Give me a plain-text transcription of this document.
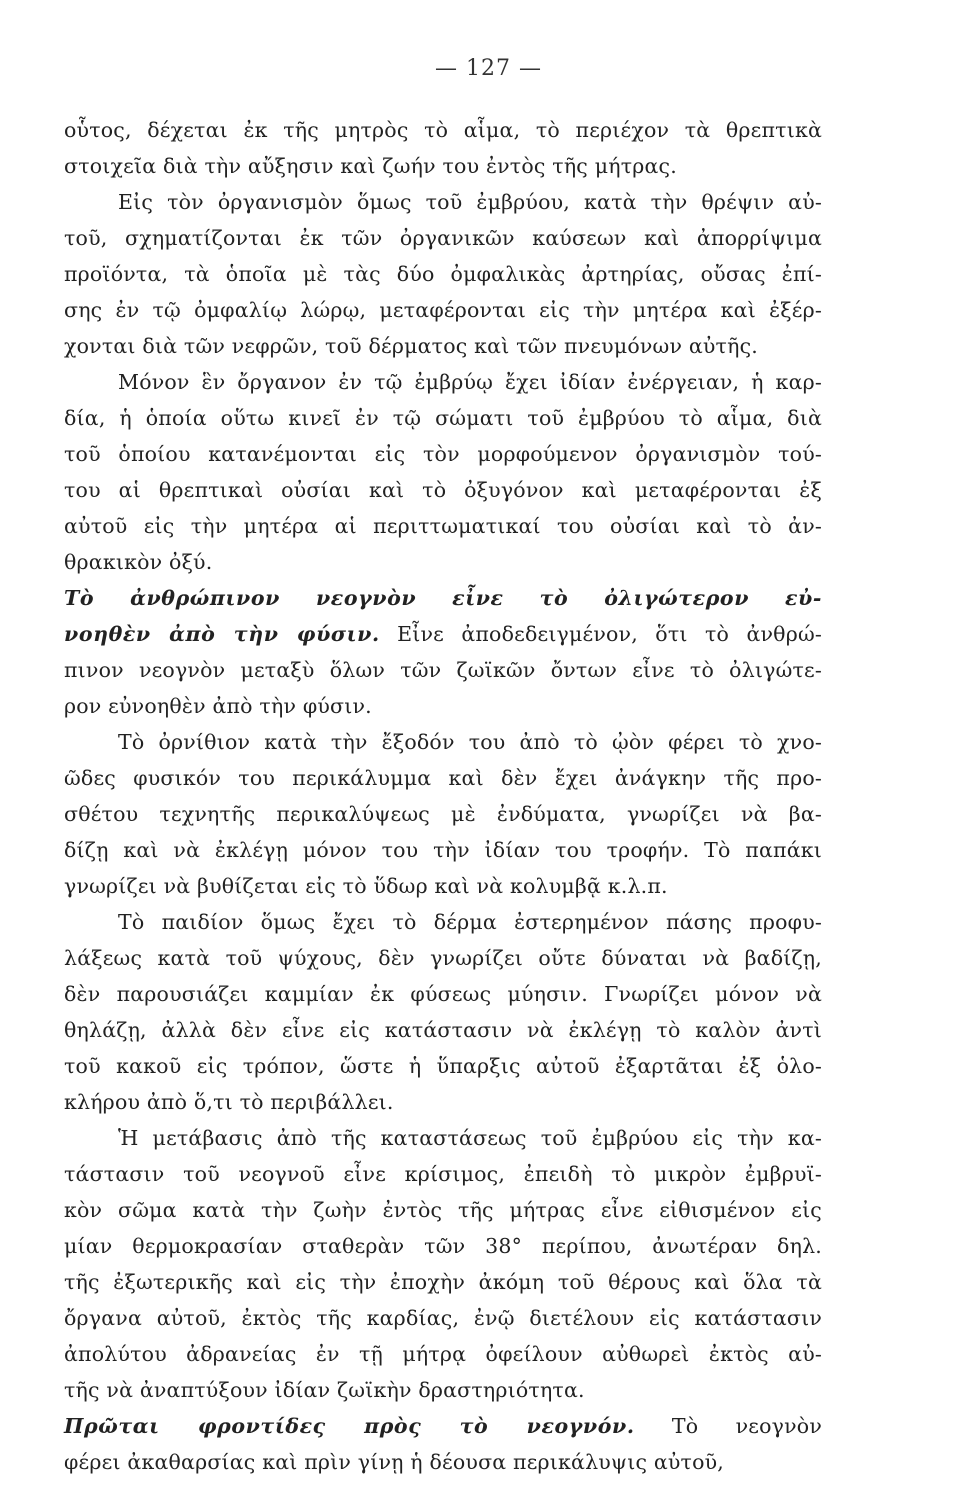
— 127 —
οὗτος, δέχεται ἐκ τῆς μητρὸς τὸ αἷμα, τὸ περιέχον τὰ θρεπτικὰ
στοιχεῖα διὰ τὴν αὔξησιν καὶ ζωήν του ἐντὸς τῆς μήτρας.
Εἰς τὸν ὀργανισμὸν ὅμως τοῦ ἐμβρύου, κατὰ τὴν θρέψιν αὐ-
τοῦ, σχηματίζονται ἐκ τῶν ὀργανικῶν καύσεων καὶ ἀπορρίψιμα
προϊόντα, τὰ ὁποῖα μὲ τὰς δύο ὀμφαλικὰς ἀρτηρίας, οὔσας ἐπί-
σης ἐν τῷ ὀμφαλίῳ λώρῳ, μεταφέρονται εἰς τὴν μητέρα καὶ ἐξέρ-
χονται διὰ τῶν νεφρῶν, τοῦ δέρματος καὶ τῶν πνευμόνων αὐτῆς.
Μόνον ἓν ὄργανον ἐν τῷ ἐμβρύῳ ἔχει ἰδίαν ἐνέργειαν, ἡ καρ-
δία, ἡ ὁποία οὕτω κινεῖ ἐν τῷ σώματι τοῦ ἐμβρύου τὸ αἷμα, διὰ
τοῦ ὁποίου κατανέμονται εἰς τὸν μορφούμενον ὀργανισμὸν τού-
του αἱ θρεπτικαὶ οὐσίαι καὶ τὸ ὀξυγόνον καὶ μεταφέρονται ἐξ
αὐτοῦ εἰς τὴν μητέρα αἱ περιττωματικαί του οὐσίαι καὶ τὸ ἀν-
θρακικὸν ὀξύ.
Τὸ ἀνθρώπινον νεογνὸν εἶνε τὸ ὀλιγώτερον εὐ-
νοηθὲν ἀπὸ τὴν φύσιν. Εἶνε ἀποδεδειγμένον, ὅτι τὸ ἀνθρώ-
πινον νεογνὸν μεταξὺ ὅλων τῶν ζωϊκῶν ὄντων εἶνε τὸ ὀλιγώτε-
ρον εὐνοηθὲν ἀπὸ τὴν φύσιν.
Τὸ ὀρνίθιον κατὰ τὴν ἔξοδόν του ἀπὸ τὸ ᾠὸν φέρει τὸ χνο-
ῶδες φυσικόν του περικάλυμμα καὶ δὲν ἔχει ἀνάγκην τῆς προ-
σθέτου τεχνητῆς περικαλύψεως μὲ ἐνδύματα, γνωρίζει νὰ βα-
δίζῃ καὶ νὰ ἐκλέγῃ μόνον του τὴν ἰδίαν του τροφήν. Τὸ παπάκι
γνωρίζει νὰ βυθίζεται εἰς τὸ ὕδωρ καὶ νὰ κολυμβᾷ κ.λ.π.
Τὸ παιδίον ὅμως ἔχει τὸ δέρμα ἐστερημένον πάσης προφυ-
λάξεως κατὰ τοῦ ψύχους, δὲν γνωρίζει οὔτε δύναται νὰ βαδίζῃ,
δὲν παρουσιάζει καμμίαν ἐκ φύσεως μύησιν. Γνωρίζει μόνον νὰ
θηλάζῃ, ἀλλὰ δὲν εἶνε εἰς κατάστασιν νὰ ἐκλέγῃ τὸ καλὸν ἀντὶ
τοῦ κακοῦ εἰς τρόπον, ὥστε ἡ ὕπαρξις αὐτοῦ ἐξαρτᾶται ἐξ ὁλο-
κλήρου ἀπὸ ὅ,τι τὸ περιβάλλει.
Ἡ μετάβασις ἀπὸ τῆς καταστάσεως τοῦ ἐμβρύου εἰς τὴν κα-
τάστασιν τοῦ νεογνοῦ εἶνε κρίσιμος, ἐπειδὴ τὸ μικρὸν ἐμβρυϊ-
κὸν σῶμα κατὰ τὴν ζωὴν ἐντὸς τῆς μήτρας εἶνε εἰθισμένον εἰς
μίαν θερμοκρασίαν σταθερὰν τῶν 38° περίπου, ἀνωτέραν δηλ.
τῆς ἐξωτερικῆς καὶ εἰς τὴν ἐποχὴν ἀκόμη τοῦ θέρους καὶ ὅλα τὰ
ὄργανα αὐτοῦ, ἐκτὸς τῆς καρδίας, ἐνῷ διετέλουν εἰς κατάστασιν
ἀπολύτου ἀδρανείας ἐν τῇ μήτρᾳ ὀφείλουν αὐθωρεὶ ἐκτὸς αὐ-
τῆς νὰ ἀναπτύξουν ἰδίαν ζωϊκὴν δραστηριότητα.
Πρῶται φροντίδες πρὸς τὸ νεογνόν. Τὸ νεογνὸν
φέρει ἀκαθαρσίας καὶ πρὶν γίνῃ ἡ δέουσα περικάλυψις αὐτοῦ,
